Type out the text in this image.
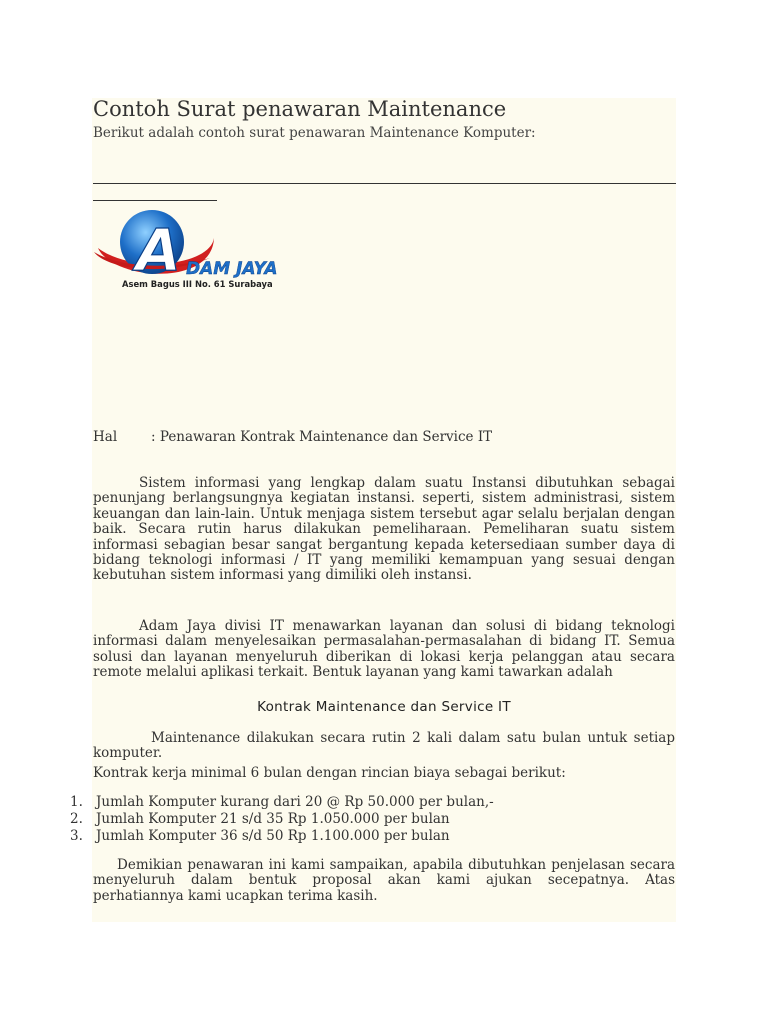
Contoh Surat penawaran Maintenance
Berikut adalah contoh surat penawaran Maintenance Komputer:
A DAM JAYA
Asem Bagus III No. 61 Surabaya
Hal	: Penawaran Kontrak Maintenance dan Service IT

Sistem informasi yang lengkap dalam suatu Instansi dibutuhkan sebagai penunjang berlangsungnya kegiatan instansi. seperti, sistem administrasi, sistem keuangan dan lain-lain. Untuk menjaga sistem tersebut agar selalu berjalan dengan baik. Secara rutin harus dilakukan pemeliharaan. Pemeliharan suatu sistem informasi sebagian besar sangat bergantung kepada ketersediaan sumber daya di bidang teknologi informasi / IT yang memiliki kemampuan yang sesuai dengan kebutuhan sistem informasi yang dimiliki oleh instansi.

Adam Jaya divisi IT menawarkan layanan dan solusi di bidang teknologi informasi dalam menyelesaikan permasalahan-permasalahan di bidang IT. Semua solusi dan layanan menyeluruh diberikan di lokasi kerja pelanggan atau secara remote melalui aplikasi terkait. Bentuk layanan yang kami tawarkan adalah

Kontrak Maintenance dan Service IT

Maintenance dilakukan secara rutin 2 kali dalam satu bulan untuk setiap komputer.

Kontrak kerja minimal 6 bulan dengan rincian biaya sebagai berikut:

1. Jumlah Komputer kurang dari 20 @ Rp 50.000 per bulan,-
2. Jumlah Komputer 21 s/d 35 Rp 1.050.000 per bulan
3. Jumlah Komputer 36 s/d 50 Rp 1.100.000 per bulan

Demikian penawaran ini kami sampaikan, apabila dibutuhkan penjelasan secara menyeluruh dalam bentuk proposal akan kami ajukan secepatnya. Atas perhatiannya kami ucapkan terima kasih.
